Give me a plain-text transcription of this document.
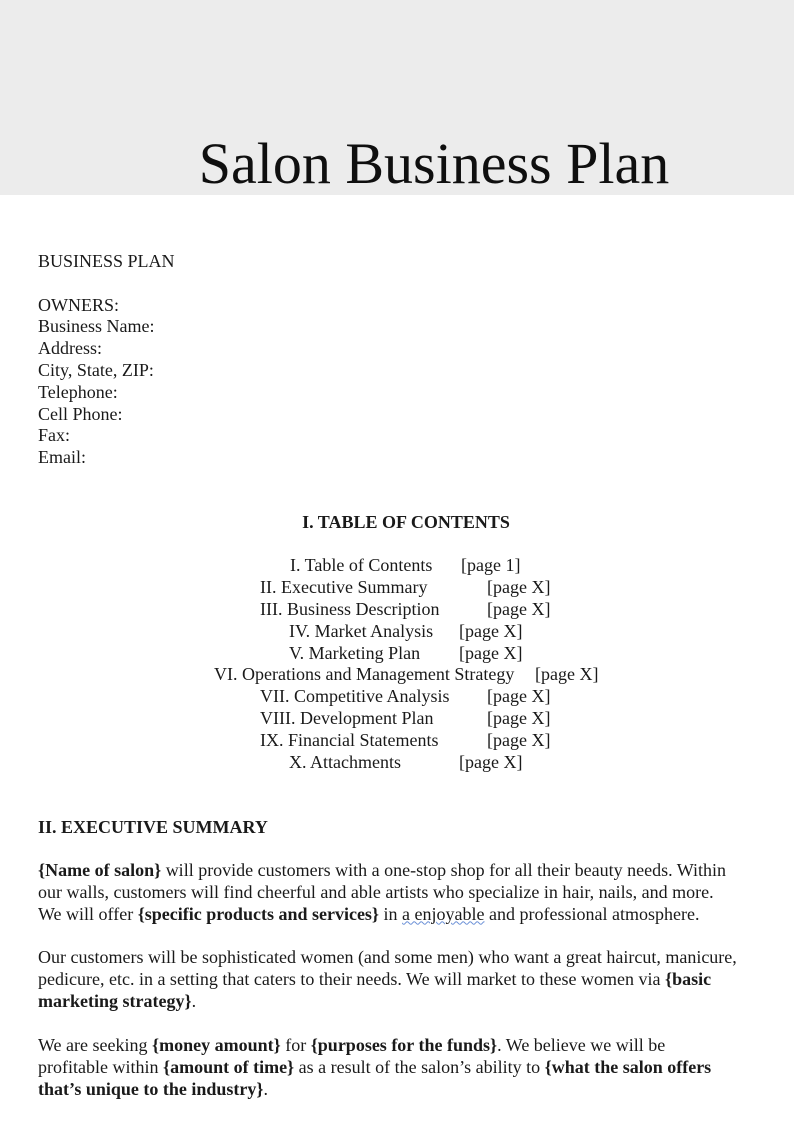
Salon Business Plan
BUSINESS PLAN
OWNERS:
Business Name:
Address:
City, State, ZIP:
Telephone:
Cell Phone:
Fax:
Email:
I. TABLE OF CONTENTS
I. Table of Contents [page 1]
II. Executive Summary	[page X]
III. Business Description	[page X]
IV. Market Analysis [page X]
V. Marketing Plan [page X]
VI. Operations and Management Strategy [page X]
VII. Competitive Analysis [page X]
VIII. Development Plan	[page X]
IX. Financial Statements	[page X]
X. Attachments	[page X]
II. EXECUTIVE SUMMARY
{Name of salon} will provide customers with a one-stop shop for all their beauty needs. Within
our walls, customers will find cheerful and able artists who specialize in hair, nails, and more.
We will offer {specific products and services} in a enjoyable and professional atmosphere.
Our customers will be sophisticated women (and some men) who want a great haircut, manicure,
pedicure, etc. in a setting that caters to their needs. We will market to these women via {basic
marketing strategy}.
We are seeking {money amount} for {purposes for the funds}. We believe we will be
profitable within {amount of time} as a result of the salon’s ability to {what the salon offers
that’s unique to the industry}.
